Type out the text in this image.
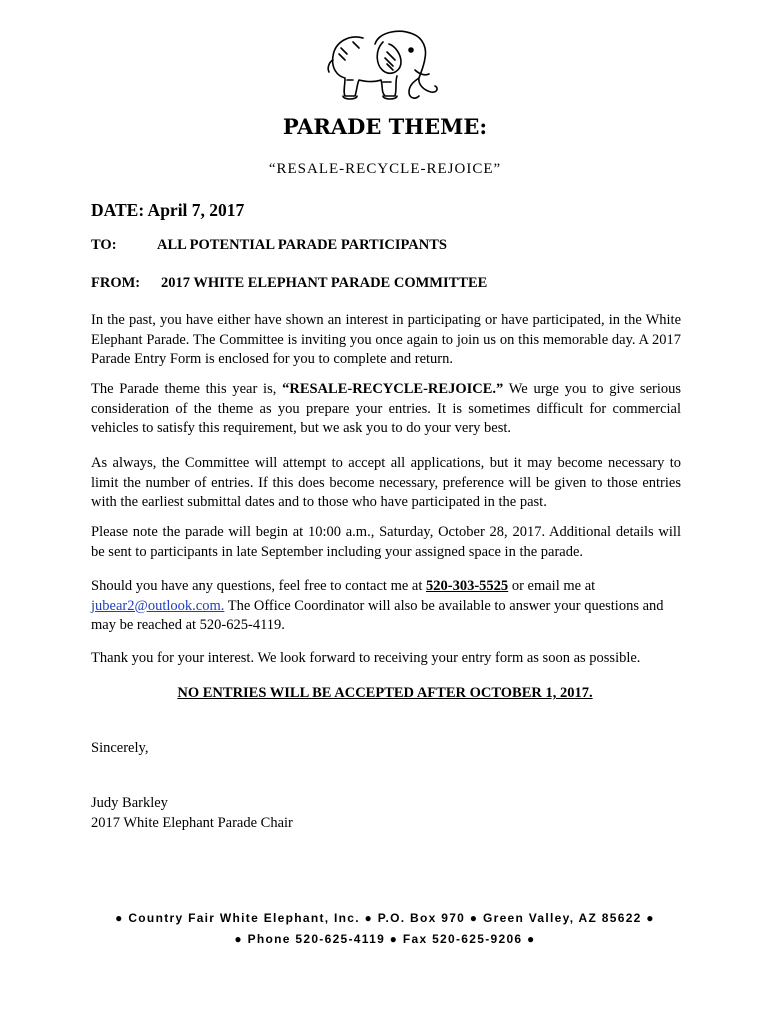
PARADE THEME:
“RESALE-RECYCLE-REJOICE”
DATE: April 7, 2017
TO:	ALL POTENTIAL PARADE PARTICIPANTS
FROM: 2017 WHITE ELEPHANT PARADE COMMITTEE

In the past, you have either have shown an interest in participating or have participated, in the White Elephant Parade. The Committee is inviting you once again to join us on this memorable day. A 2017 Parade Entry Form is enclosed for you to complete and return.

The Parade theme this year is, “RESALE-RECYCLE-REJOICE.” We urge you to give serious consideration of the theme as you prepare your entries. It is sometimes difficult for commercial vehicles to satisfy this requirement, but we ask you to do your very best.

As always, the Committee will attempt to accept all applications, but it may become necessary to limit the number of entries. If this does become necessary, preference will be given to those entries with the earliest submittal dates and to those who have participated in the past.

Please note the parade will begin at 10:00 a.m., Saturday, October 28, 2017. Additional details will be sent to participants in late September including your assigned space in the parade.

Should you have any questions, feel free to contact me at 520-303-5525 or email me at
jubear2@outlook.com. The Office Coordinator will also be available to answer your questions and may be reached at 520-625-4119.

Thank you for your interest. We look forward to receiving your entry form as soon as possible.

NO ENTRIES WILL BE ACCEPTED AFTER OCTOBER 1, 2017.
Sincerely,
Judy Barkley
2017 White Elephant Parade Chair
● Country Fair White Elephant, Inc. ● P.O. Box 970 ● Green Valley, AZ 85622 ●
● Phone 520-625-4119 ● Fax 520-625-9206 ●
